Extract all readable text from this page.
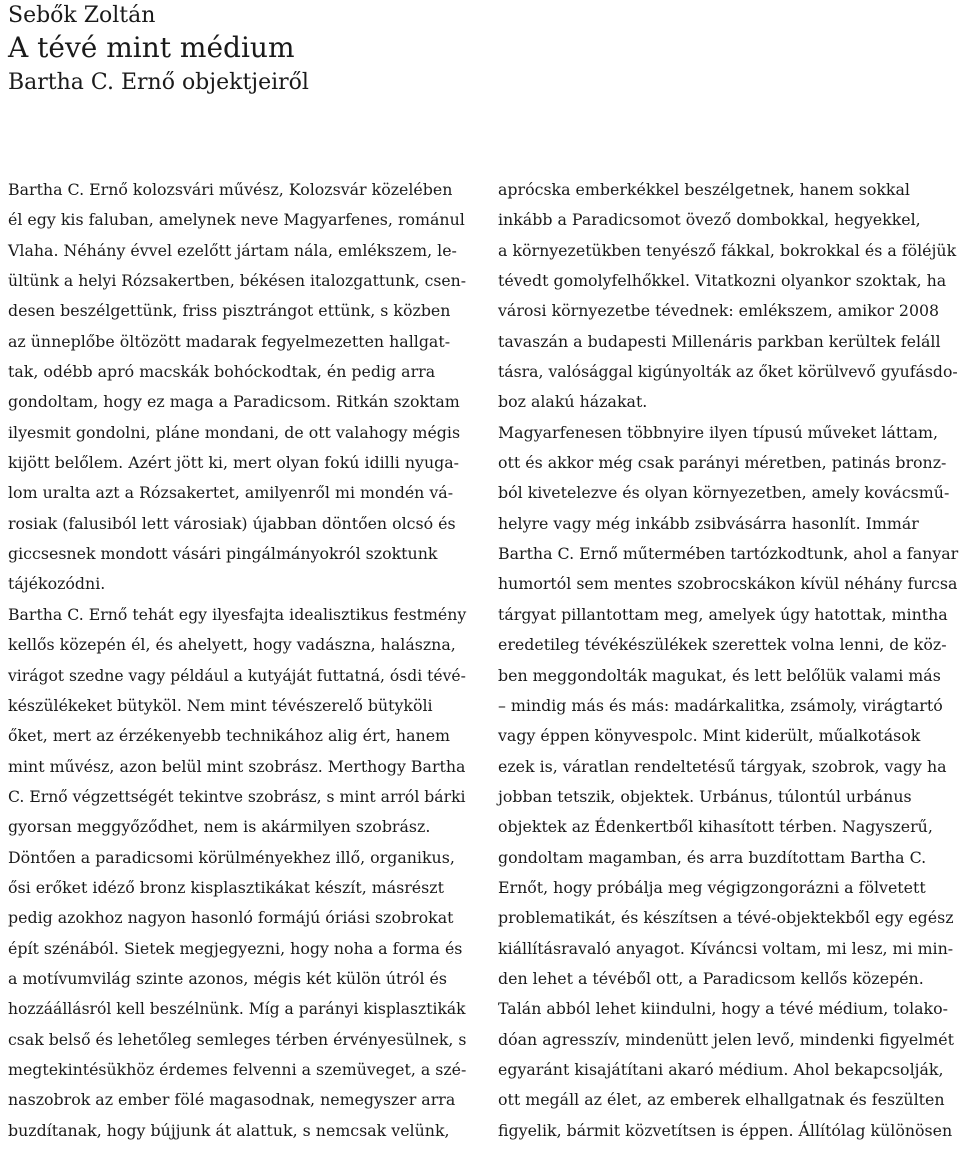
Sebők Zoltán

A tévé mint médium

Bartha C. Ernő objektjeiről

Bartha C. Ernő kolozsvári művész, Kolozsvár közelében
él egy kis faluban, amelynek neve Magyarfenes, románul
Vlaha. Néhány évvel ezelőtt jártam nála, emlékszem, le-
ültünk a helyi Rózsakertben, békésen italozgattunk, csen-
desen beszélgettünk, friss pisztrángot ettünk, s közben
az ünneplőbe öltözött madarak fegyelmezetten hallgat-
tak, odébb apró macskák bohóckodtak, én pedig arra
gondoltam, hogy ez maga a Paradicsom. Ritkán szoktam
ilyesmit gondolni, pláne mondani, de ott valahogy mégis
kijött belőlem. Azért jött ki, mert olyan fokú idilli nyuga-
lom uralta azt a Rózsakertet, amilyenről mi mondén vá-
rosiak (falusiból lett városiak) újabban döntően olcsó és
giccsesnek mondott vásári pingálmányokról szoktunk
tájékozódni.
Bartha C. Ernő tehát egy ilyesfajta idealisztikus festmény
kellős közepén él, és ahelyett, hogy vadászna, halászna,
virágot szedne vagy például a kutyáját futtatná, ósdi tévé-
készülékeket bütyköl. Nem mint tévészerelő bütyköli
őket, mert az érzékenyebb technikához alig ért, hanem
mint művész, azon belül mint szobrász. Merthogy Bartha
C. Ernő végzettségét tekintve szobrász, s mint arról bárki
gyorsan meggyőződhet, nem is akármilyen szobrász.
Döntően a paradicsomi körülményekhez illő, organikus,
ősi erőket idéző bronz kisplasztikákat készít, másrészt
pedig azokhoz nagyon hasonló formájú óriási szobrokat
épít szénából. Sietek megjegyezni, hogy noha a forma és
a motívumvilág szinte azonos, mégis két külön útról és
hozzáállásról kell beszélnünk. Míg a parányi kisplasztikák
csak belső és lehetőleg semleges térben érvényesülnek, s
megtekintésükhöz érdemes felvenni a szemüveget, a szé-
naszobrok az ember fölé magasodnak, nemegyszer arra
buzdítanak, hogy bújjunk át alattuk, s nemcsak velünk,
aprócska emberkékkel beszélgetnek, hanem sokkal
inkább a Paradicsomot övező dombokkal, hegyekkel,
a környezetükben tenyésző fákkal, bokrokkal és a föléjük
tévedt gomolyfelhőkkel. Vitatkozni olyankor szoktak, ha
városi környezetbe tévednek: emlékszem, amikor 2008
tavaszán a budapesti Millenáris parkban kerültek feláll
tásra, valósággal kigúnyolták az őket körülvevő gyufásdo-
boz alakú házakat.
Magyarfenesen többnyire ilyen típusú műveket láttam,
ott és akkor még csak parányi méretben, patinás bronz-
ból kivetelezve és olyan környezetben, amely kovácsmű-
helyre vagy még inkább zsibvásárra hasonlít. Immár
Bartha C. Ernő műtermében tartózkodtunk, ahol a fanyar
humortól sem mentes szobrocskákon kívül néhány furcsa
tárgyat pillantottam meg, amelyek úgy hatottak, mintha
eredetileg tévékészülékek szerettek volna lenni, de köz-
ben meggondolták magukat, és lett belőlük valami más
– mindig más és más: madárkalitka, zsámoly, virágtartó
vagy éppen könyvespolc. Mint kiderült, műalkotások
ezek is, váratlan rendeltetésű tárgyak, szobrok, vagy ha
jobban tetszik, objektek. Urbánus, túlontúl urbánus
objektek az Édenkertből kihasított térben. Nagyszerű,
gondoltam magamban, és arra buzdítottam Bartha C.
Ernőt, hogy próbálja meg végigzongorázni a fölvetett
problematikát, és készítsen a tévé-objektekből egy egész
kiállításravaló anyagot. Kíváncsi voltam, mi lesz, mi min-
den lehet a tévéből ott, a Paradicsom kellős közepén.
Talán abból lehet kiindulni, hogy a tévé médium, tolako-
dóan agresszív, mindenütt jelen levő, mindenki figyelmét
egyaránt kisajátítani akaró médium. Ahol bekapcsolják,
ott megáll az élet, az emberek elhallgatnak és feszülten
figyelik, bármit közvetítsen is éppen. Állítólag különösen
